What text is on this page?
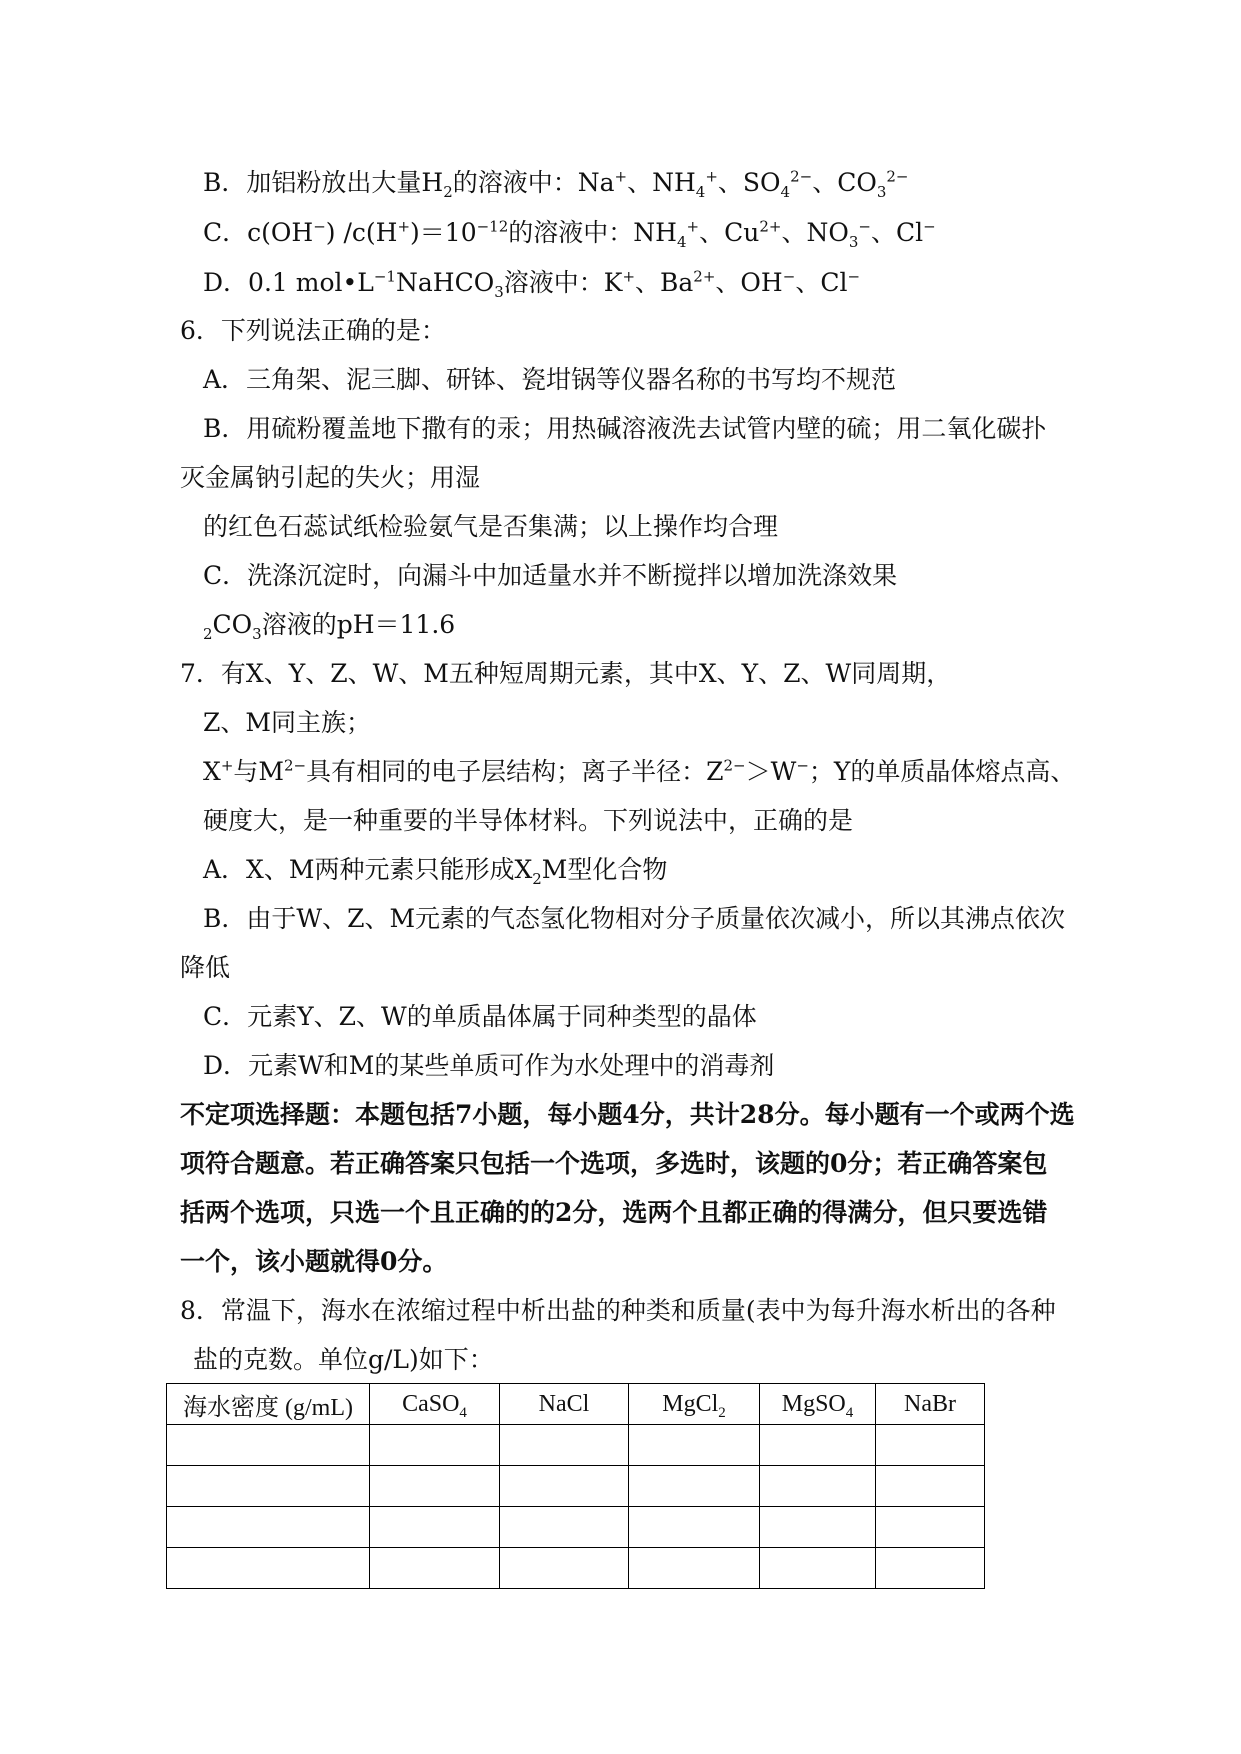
B．加铝粉放出大量$H_2$的溶液中：Na+、$NH_4^+$、$SO_4^{2-}$、$CO_3^{2-}$
C．c(OH−) $/c(H^+)=10^{-12}$的溶液中：$NH_4^+$、$Cu^{2+}$、$NO_3^-$、Cl−
D．0.1 $mol•L^{-1}NaHCO_3$溶液中：K+、$Ba^{2+}$、OH−、Cl−
6．下列说法正确的是：
A．三角架、泥三脚、研钵、瓷坩锅等仪器名称的书写均不规范
B．用硫粉覆盖地下撒有的汞；用热碱溶液洗去试管内壁的硫；用二氧化碳扑
灭金属钠引起的失火；用湿
的红色石蕊试纸检验氨气是否集满；以上操作均合理
C．洗涤沉淀时，向漏斗中加适量水并不断搅拌以增加洗涤效果
$_2CO_3$溶液的pH＝11.6
7．有X、Y、Z、W、M五种短周期元素，其中X、Y、Z、W同周期，
Z、M同主族；
X+与$M^{2-}$具有相同的电子层结构；离子半径：$Z^{2-}>W^-$；Y的单质晶体熔点高、
硬度大，是一种重要的半导体材料。下列说法中，正确的是
A．X、M两种元素只能形成$X_2M$型化合物
B．由于W、Z、M元素的气态氢化物相对分子质量依次减小，所以其沸点依次
降低
C．元素Y、Z、W的单质晶体属于同种类型的晶体
D．元素W和M的某些单质可作为水处理中的消毒剂
不定项选择题：本题包括7小题，每小题4分，共计28分。每小题有一个或两个选
项符合题意。若正确答案只包括一个选项，多选时，该题的0分；若正确答案包
括两个选项，只选一个且正确的的2分，选两个且都正确的得满分，但只要选错
一个，该小题就得0分。
8．常温下，海水在浓缩过程中析出盐的种类和质量(表中为每升海水析出的各种
盐的克数。单位g/L)如下：
海水密度 (g/mL)	CaSO$_4$	NaCl	MgCl$_2$	MgSO$_4$	NaBr
